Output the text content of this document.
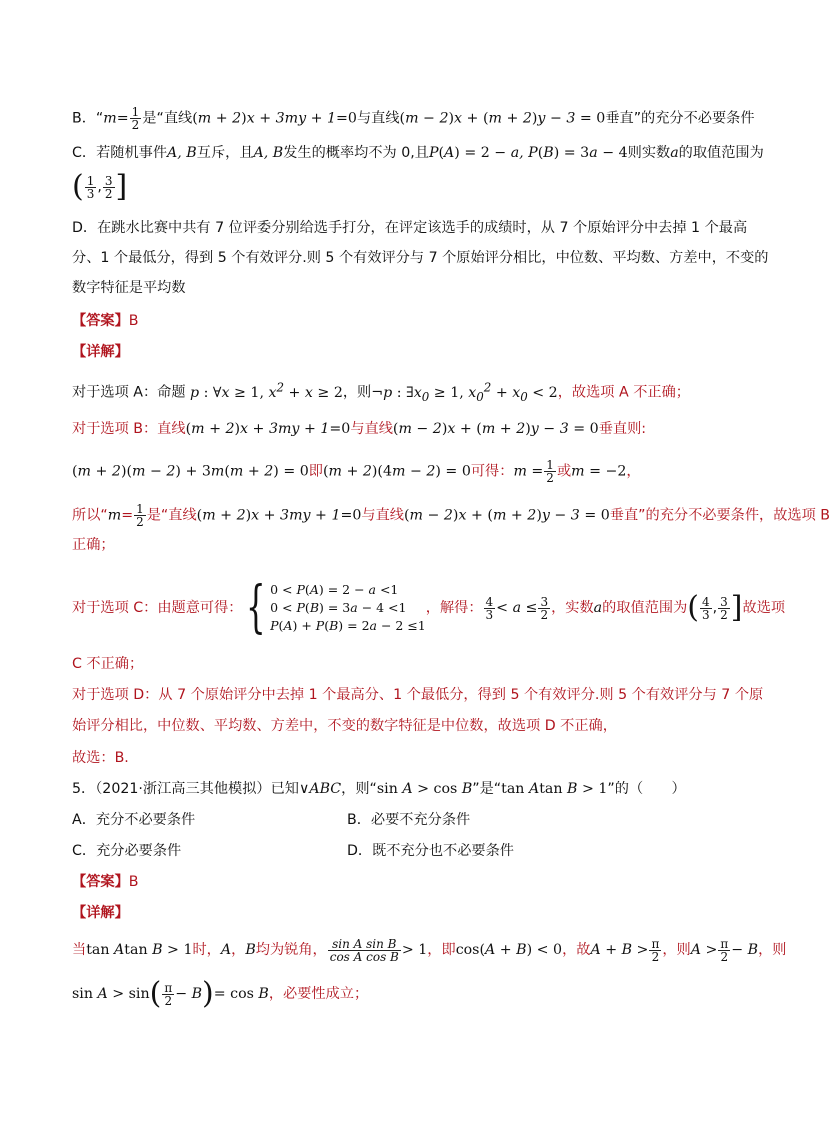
B．“$m= \frac{1}{2}$ 是“直线(m + 2)x + 3my + 1=0与直线(m − 2)x + (m + 2)y − 3 = 0垂直”的充分不必要条件
C．若随机事件A, B互斥，且A, B发生的概率均不为 0,且P(A) = 2 − a, P(B) = 3a − 4则实数a的取值范围为
( $\frac{1}{3}$ , $\frac{3}{2}$ ]
D．在跳水比赛中共有 7 位评委分别给选手打分，在评定该选手的成绩时，从 7 个原始评分中去掉 1 个最高
分、1 个最低分，得到 5 个有效评分.则 5 个有效评分与 7 个原始评分相比，中位数、平均数、方差中，不变的
数字特征是平均数
【答案】B
【详解】
对于选项 A：命题 p : ∀x ≥ 1, $x^2 + x \ge 2$，则¬p : $\exists x_0 \ge 1$, $x_0^2 + x_0 < 2$，故选项 A 不正确；
对于选项 B：直线(m + 2)x + 3my + 1=0与直线(m − 2)x + (m + 2)y − 3 = 0垂直则:
(m + 2)(m − 2) + 3m(m + 2) = 0即(m + 2)(4m − 2) = 0可得：$m = \frac{1}{2}$ 或m = −2，
所以“$m= \frac{1}{2}$ 是“直线(m + 2)x + 3my + 1=0与直线(m − 2)x + (m + 2)y − 3 = 0垂直”的充分不必要条件，故选项 B
正确；
对于选项 C：由题意可得：{ 0 < P(A) = 2 − a <1
0 < P(B) = 3a − 4 <1
P(A) + P(B) = 2a − 2 ≤1，解得： $\frac{4}{3} < a \le \frac{3}{2}$ ，实数a的取值范围为( $\frac{4}{3}$ , $\frac{3}{2}$ ]故选项
C 不正确；
对于选项 D：从 7 个原始评分中去掉 1 个最高分、1 个最低分，得到 5 个有效评分.则 5 个有效评分与 7 个原
始评分相比，中位数、平均数、方差中，不变的数字特征是中位数，故选项 D 不正确，
故选：B.
5．（2021·浙江高三其他模拟）已知∨ABC，则“sin A > cos B”是“tan Atan B > 1”的（　　）
A．充分不必要条件	B．必要不充分条件
C．充分必要条件	D．既不充分也不必要条件
【答案】B
【详解】
当tan Atan B > 1时，A，B均为锐角， $\frac{\text{sin A sin B}}{\text{cos A cos B}} > 1$，即cos(A + B) < 0，故$A + B > \frac{\pi}{2}$ ，则$A > \frac{\pi}{2} - B$，则
$\sin A > \sin( \frac{\pi}{2} - B)= \cos B$，必要性成立；
